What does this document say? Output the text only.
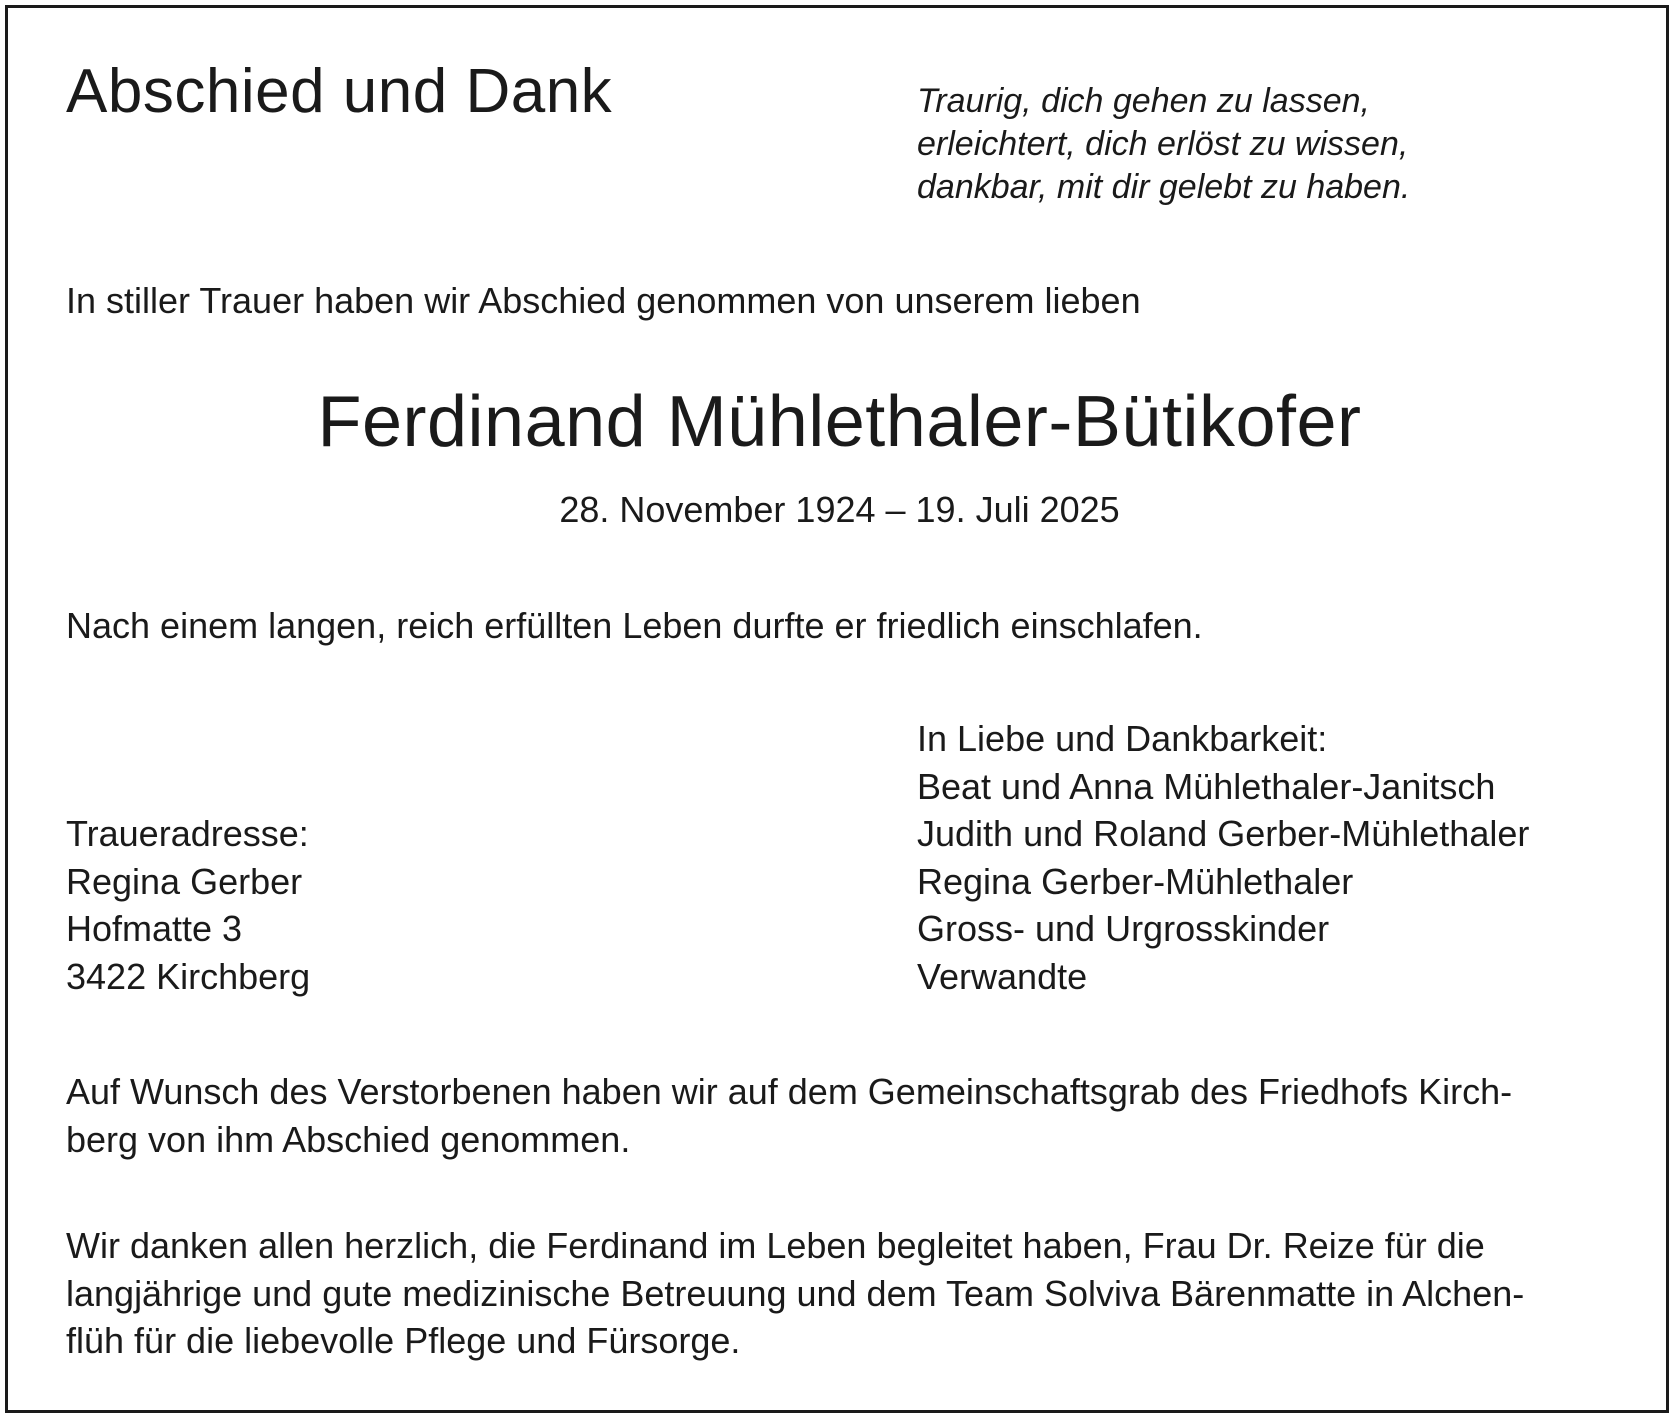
Abschied und Dank	Traurig, dich gehen zu lassen,
erleichtert, dich erlöst zu wissen,
dankbar, mit dir gelebt zu haben.

In stiller Trauer haben wir Abschied genommen von unserem lieben

Ferdinand Mühlethaler-Bütikofer

28. November 1924 – 19. Juli 2025

Nach einem langen, reich erfüllten Leben durfte er friedlich einschlafen.

In Liebe und Dankbarkeit:
Beat und Anna Mühlethaler-Janitsch
Judith und Roland Gerber-Mühlethaler
Regina Gerber-Mühlethaler
Gross- und Urgrosskinder
Verwandte
Traueradresse:
Regina Gerber
Hofmatte 3
3422 Kirchberg
Auf Wunsch des Verstorbenen haben wir auf dem Gemeinschaftsgrab des Friedhofs Kirch-
berg von ihm Abschied genommen.
Wir danken allen herzlich, die Ferdinand im Leben begleitet haben, Frau Dr. Reize für die
langjährige und gute medizinische Betreuung und dem Team Solviva Bärenmatte in Alchen-
flüh für die liebevolle Pflege und Fürsorge.
